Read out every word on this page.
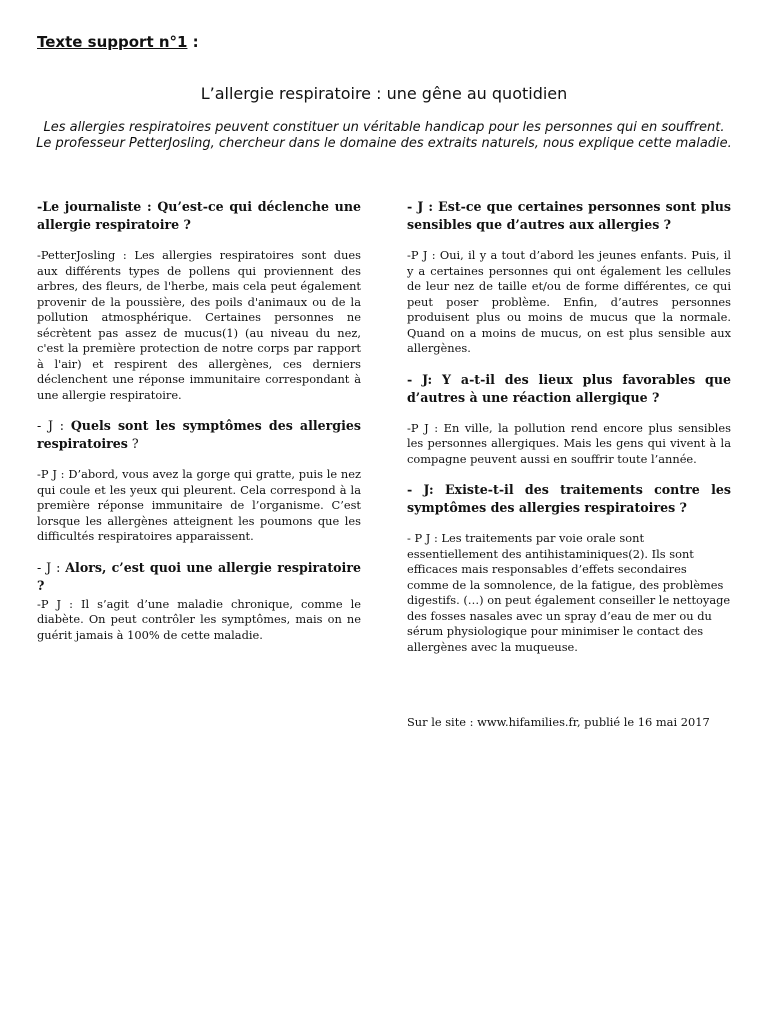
Texte support n°1 :
L’allergie respiratoire : une gêne au quotidien
Les allergies respiratoires peuvent constituer un véritable handicap pour les personnes qui en souffrent.
Le professeur PetterJosling, chercheur dans le domaine des extraits naturels, nous explique cette maladie.

-Le journaliste : Qu’est-ce qui déclenche une allergie respiratoire ?

-PetterJosling : Les allergies respiratoires sont dues aux différents types de pollens qui proviennent des arbres, des fleurs, de l'herbe, mais cela peut également provenir de la poussière, des poils d'animaux ou de la pollution atmosphérique. Certaines personnes ne sécrètent pas assez de mucus(1) (au niveau du nez, c'est la première protection de notre corps par rapport à l'air) et respirent des allergènes, ces derniers déclenchent une réponse immunitaire correspondant à une allergie respiratoire.

- J : Quels sont les symptômes des allergies respiratoires ?

-P J : D’abord, vous avez la gorge qui gratte, puis le nez qui coule et les yeux qui pleurent. Cela correspond à la première réponse immunitaire de l’organisme. C’est lorsque les allergènes atteignent les poumons que les difficultés respiratoires apparaissent.

- J : Alors, c’est quoi une allergie respiratoire ?

-P J : Il s’agit d’une maladie chronique, comme le diabète. On peut contrôler les symptômes, mais on ne guérit jamais à 100% de cette maladie.

- J : Est-ce que certaines personnes sont plus sensibles que d’autres aux allergies ?

-P J : Oui, il y a tout d’abord les jeunes enfants. Puis, il y a certaines personnes qui ont également les cellules de leur nez de taille et/ou de forme différentes, ce qui peut poser problème. Enfin, d’autres personnes produisent plus ou moins de mucus que la normale. Quand on a moins de mucus, on est plus sensible aux allergènes.

- J: Y a-t-il des lieux plus favorables que d’autres à une réaction allergique ?

-P J : En ville, la pollution rend encore plus sensibles les personnes allergiques. Mais les gens qui vivent à la compagne peuvent aussi en souffrir toute l’année.

- J: Existe-t-il des traitements contre les symptômes des allergies respiratoires ?

- P J : Les traitements par voie orale sont essentiellement des antihistaminiques(2). Ils sont efficaces mais responsables d’effets secondaires comme de la somnolence, de la fatigue, des problèmes digestifs. (…) on peut également conseiller le nettoyage des fosses nasales avec un spray d’eau de mer ou du sérum physiologique pour minimiser le contact des allergènes avec la muqueuse.

Sur le site : www.hifamilies.fr, publié le 16 mai 2017
